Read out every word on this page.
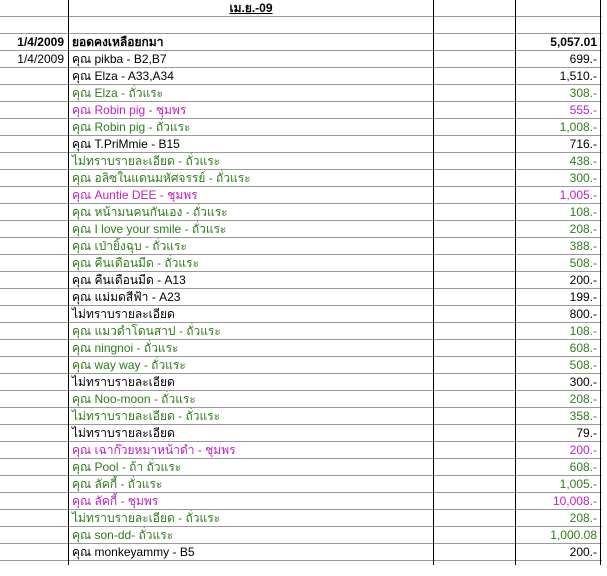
เม.ย.-09
1/4/2009 ยอดคงเหลือยกมา	5,057.01
1/4/2009 คุณ pikba - B2,B7	699.-
คุณ Elza - A33,A34	1,510.-
คุณ Elza - ถั่วแระ	308.-
คุณ Robin pig - ชุมพร	555.-
คุณ Robin pig - ถั่วแระ	1,008.-
คุณ T.PriMmie - B15	716.-
ไม่ทราบรายละเอียด - ถั่วแระ	438.-
คุณ อลิซในแดนมหัศจรรย์ - ถั่วแระ	300.-
คุณ Auntie DEE - ชุมพร	1,005.-
คุณ หน้ามนคนกันเอง - ถั่วแระ	108.-
คุณ I love your smile - ถั่วแระ	208.-
คุณ เป่ายิ้งฉุบ - ถั่วแระ	388.-
คุณ คืนเดือนมืด - ถั่วแระ	508.-
คุณ คืนเดือนมืด - A13	200.-
คุณ แม่มดสีฟ้า - A23	199.-
ไม่ทราบรายละเอียด	800.-
คุณ แมวดำโดนสาป - ถั่วแระ	108.-
คุณ ningnoi - ถั่วแระ	608.-
คุณ way way - ถั่วแระ	508.-
ไม่ทราบรายละเอียด	300.-
คุณ Noo-moon - ถั่วแระ	208.-
ไม่ทราบรายละเอียด - ถั่วแระ	358.-
ไม่ทราบรายละเอียด	79.-
คุณ เฉาก๊วยหมาหน้าดำ - ชุมพร	200.-
คุณ Pool - ถ้า ถั่วแระ	608.-
คุณ ลัคกี้ - ถั่วแระ	1,005.-
คุณ ลัคกี้ - ชุมพร	10,008.-
ไม่ทราบรายละเอียด - ถั่วแระ	208.-
คุณ son-dd- ถั่วแระ	1,000.08
คุณ monkeyammy - B5	200.-
